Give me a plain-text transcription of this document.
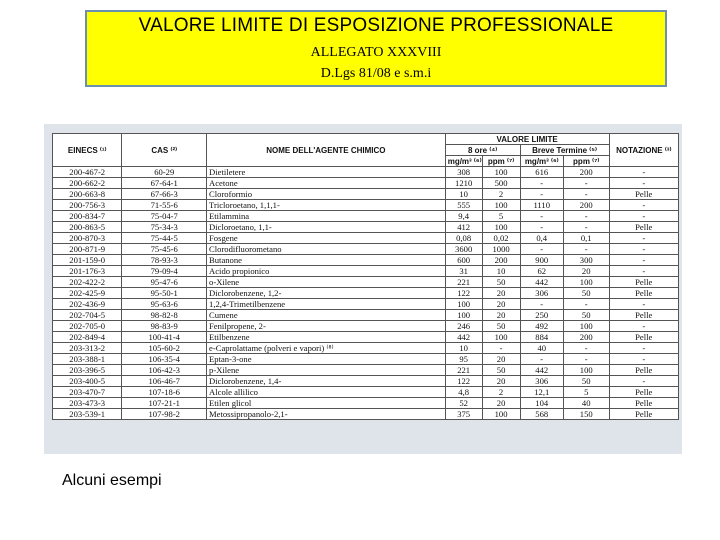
VALORE LIMITE DI ESPOSIZIONE PROFESSIONALE
ALLEGATO XXXVIII
D.Lgs 81/08 e s.m.i
EINECS ⁽¹⁾	CAS ⁽²⁾	NOME DELL'AGENTE CHIMICO	VALORE LIMITE				NOTAZIONE ⁽³⁾
			8 ore ⁽⁴⁾		Breve Termine ⁽⁵⁾		
			mg/m³ ⁽⁶⁾	ppm ⁽⁷⁾	mg/m³ ⁽⁶⁾	ppm ⁽⁷⁾	
200-467-2	60-29	Dietiletere	308	100	616	200	-
200-662-2	67-64-1	Acetone	1210	500	-	-	-
200-663-8	67-66-3	Cloroformio	10	2	-	-	Pelle
200-756-3	71-55-6	Tricloroetano, 1,1,1-	555	100	1110	200	-
200-834-7	75-04-7	Etilammina	9,4	5	-	-	-
200-863-5	75-34-3	Dicloroetano, 1,1-	412	100	-	-	Pelle
200-870-3	75-44-5	Fosgene	0,08	0,02	0,4	0,1	-
200-871-9	75-45-6	Clorodifluorometano	3600	1000	-	-	-
201-159-0	78-93-3	Butanone	600	200	900	300	-
201-176-3	79-09-4	Acido propionico	31	10	62	20	-
202-422-2	95-47-6	o-Xilene	221	50	442	100	Pelle
202-425-9	95-50-1	Diclorobenzene, 1,2-	122	20	306	50	Pelle
202-436-9	95-63-6	1,2,4-Trimetilbenzene	100	20	-	-	-
202-704-5	98-82-8	Cumene	100	20	250	50	Pelle
202-705-0	98-83-9	Fenilpropene, 2-	246	50	492	100	-
202-849-4	100-41-4	Etilbenzene	442	100	884	200	Pelle
203-313-2	105-60-2	e-Caprolattame (polveri e vapori) ⁽⁸⁾	10	-	40	-	-
203-388-1	106-35-4	Eptan-3-one	95	20	-	-	-
203-396-5	106-42-3	p-Xilene	221	50	442	100	Pelle
203-400-5	106-46-7	Diclorobenzene, 1,4-	122	20	306	50	-
203-470-7	107-18-6	Alcole allilico	4,8	2	12,1	5	Pelle
203-473-3	107-21-1	Etilen glicol	52	20	104	40	Pelle
203-539-1	107-98-2	Metossipropanolo-2,1-	375	100	568	150	Pelle
Alcuni esempi
